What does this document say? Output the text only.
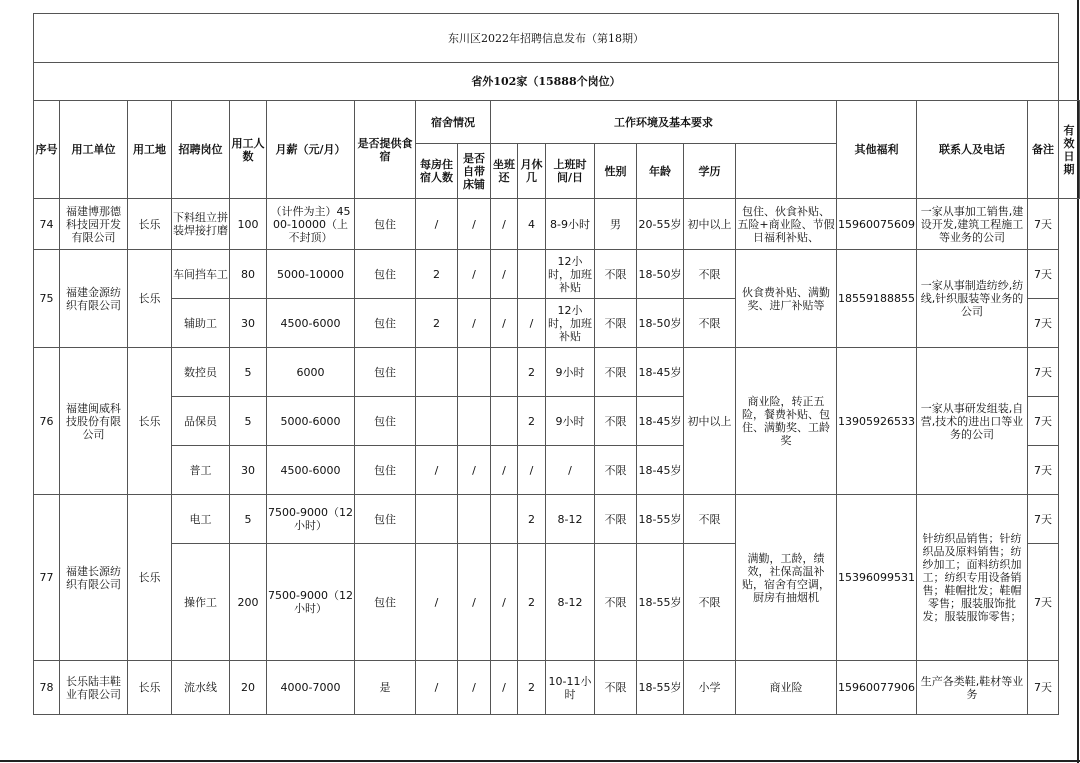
东川区2022年招聘信息发布（第18期）																			
省外102家（15888个岗位）																			
序号	用工单位	用工地	招聘岗位	用工人数	月薪（元/月）	是否提供食宿	宿舍情况		工作环境及基本要求							其他福利	联系人及电话	备注	有效日期
							每房住宿人数	是否自带床铺	坐班还	月休几	上班时间/日	性别	年龄	学历					
74	福建博那德科技园开发有限公司	长乐	下料组立拼装焊接打磨	100	（计件为主）4500-10000（上不封顶）	包住	/	/	/	4	8-9小时	男	20-55岁	初中以上	包住、伙食补贴、五险+商业险、节假日福利补贴、	15960075609	一家从事加工销售,建设开发,建筑工程施工等业务的公司	7天	
75	福建金源纺织有限公司	长乐	车间挡车工	80	5000-10000	包住	2	/	/		12小时，加班补贴	不限	18-50岁	不限	伙食费补贴、满勤奖、进厂补贴等	18559188855	一家从事制造纺纱,纺线,针织服装等业务的公司	7天	
			辅助工	30	4500-6000	包住	2	/	/	/	12小时，加班补贴	不限	18-50岁	不限				7天	
76	福建闽威科技股份有限公司	长乐	数控员	5	6000	包住				2	9小时	不限	18-45岁	初中以上	商业险，转正五险，餐费补贴、包住、满勤奖、工龄奖	13905926533	一家从事研发组装,自营,技术的进出口等业务的公司	7天	
			品保员	5	5000-6000	包住				2	9小时	不限	18-45岁					7天	
			普工	30	4500-6000	包住	/	/	/	/	/	不限	18-45岁					7天	
77	福建长源纺织有限公司	长乐	电工	5	7500-9000（12小时）	包住				2	8-12	不限	18-55岁	不限	满勤，工龄，绩效，社保高温补贴，宿舍有空调，厨房有抽烟机	15396099531	针纺织品销售；针纺织品及原料销售；纺纱加工；面料纺织加工；纺织专用设备销售；鞋帽批发；鞋帽零售；服装服饰批发；服装服饰零售；	7天	
			操作工	200	7500-9000（12小时）	包住	/	/	/	2	8-12	不限	18-55岁	不限				7天	
78	长乐陆丰鞋业有限公司	长乐	流水线	20	4000-7000	是	/	/	/	2	10-11小时	不限	18-55岁	小学	商业险	15960077906	生产各类鞋,鞋材等业务	7天	
